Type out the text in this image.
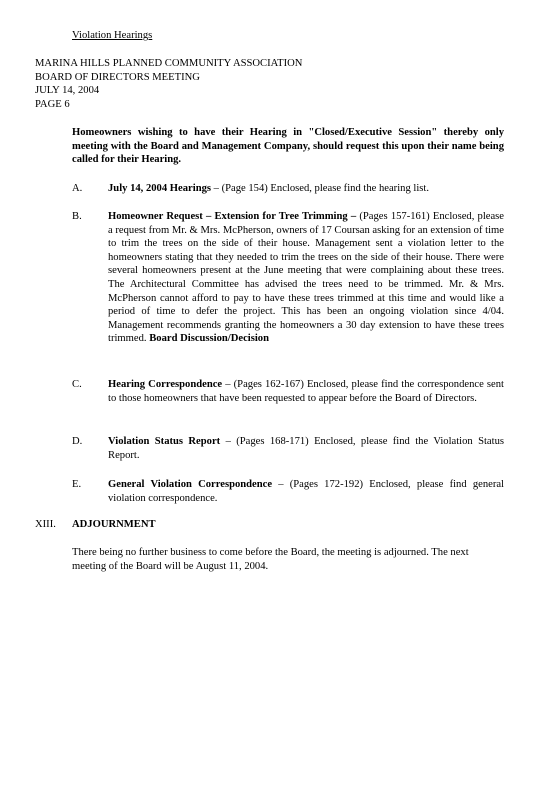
Violation Hearings
MARINA HILLS PLANNED COMMUNITY ASSOCIATION
BOARD OF DIRECTORS MEETING
JULY 14, 2004
PAGE 6
Homeowners wishing to have their Hearing in "Closed/Executive Session" thereby only meeting with the Board and Management Company, should request this upon their name being called for their Hearing.
A. July 14, 2004 Hearings – (Page 154) Enclosed, please find the hearing list.
B. Homeowner Request – Extension for Tree Trimming – (Pages 157-161) Enclosed, please a request from Mr. & Mrs. McPherson, owners of 17 Coursan asking for an extension of time to trim the trees on the side of their house. Management sent a violation letter to the homeowners stating that they needed to trim the trees on the side of their house. There were several homeowners present at the June meeting that were complaining about these trees. The Architectural Committee has advised the trees need to be trimmed. Mr. & Mrs. McPherson cannot afford to pay to have these trees trimmed at this time and would like a period of time to defer the project. This has been an ongoing violation since 4/04. Management recommends granting the homeowners a 30 day extension to have these trees trimmed. Board Discussion/Decision
C. Hearing Correspondence – (Pages 162-167) Enclosed, please find the correspondence sent to those homeowners that have been requested to appear before the Board of Directors.
D. Violation Status Report – (Pages 168-171) Enclosed, please find the Violation Status Report.
E.	General Violation Correspondence – (Pages 172-192) Enclosed, please find general violation correspondence.
XIII. ADJOURNMENT
There being no further business to come before the Board, the meeting is adjourned. The next meeting of the Board will be August 11, 2004.
